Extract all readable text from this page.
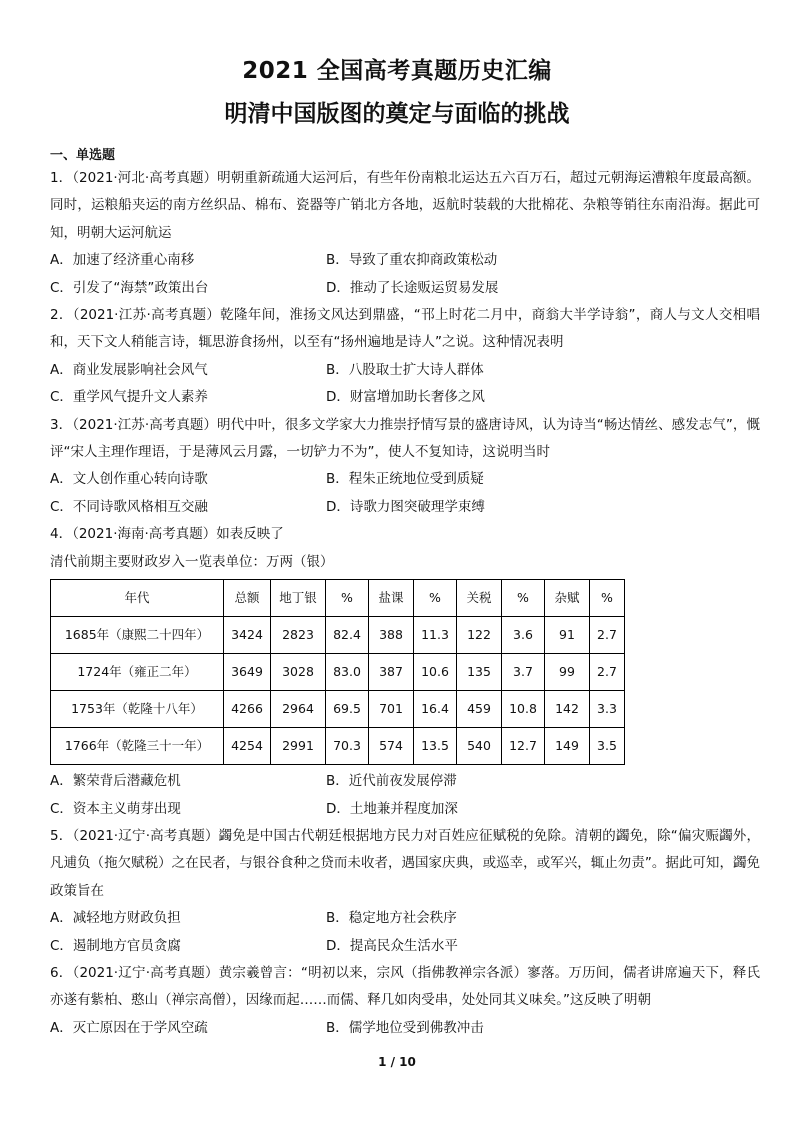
2021 全国高考真题历史汇编
明清中国版图的奠定与面临的挑战
一、单选题

1．（2021·河北·高考真题）明朝重新疏通大运河后，有些年份南粮北运达五六百万石，超过元朝海运漕粮年度最高额。同时，运粮船夹运的南方丝织品、棉布、瓷器等广销北方各地，返航时装载的大批棉花、杂粮等销往东南沿海。据此可知，明朝大运河航运

A．加速了经济重心南移	B．导致了重农抑商政策松动
C．引发了“海禁”政策出台	D．推动了长途贩运贸易发展

2．（2021·江苏·高考真题）乾隆年间，淮扬文风达到鼎盛，“邗上时花二月中，商翁大半学诗翁”，商人与文人交相唱和，天下文人稍能言诗，辄思游食扬州，以至有“扬州遍地是诗人”之说。这种情况表明

A．商业发展影响社会风气	B．八股取士扩大诗人群体
C．重学风气提升文人素养	D．财富增加助长奢侈之风

3．（2021·江苏·高考真题）明代中叶，很多文学家大力推崇抒情写景的盛唐诗风，认为诗当“畅达情丝、感发志气”，慨评“宋人主理作理语，于是薄风云月露，一切铲力不为”，使人不复知诗，这说明当时

A．文人创作重心转向诗歌	B．程朱正统地位受到质疑
C．不同诗歌风格相互交融	D．诗歌力图突破理学束缚

4．（2021·海南·高考真题）如表反映了

清代前期主要财政岁入一览表单位：万两（银）

年代	总额	地丁银	%	盐课	%	关税	%	杂赋	%
1685年（康熙二十四年）	3424	2823	82.4	388	11.3	122	3.6	91	2.7
1724年（雍正二年）	3649	3028	83.0	387	10.6	135	3.7	99	2.7
1753年（乾隆十八年）	4266	2964	69.5	701	16.4	459	10.8	142	3.3
1766年（乾隆三十一年）	4254	2991	70.3	574	13.5	540	12.7	149	3.5
A．繁荣背后潜藏危机	B．近代前夜发展停滞
C．资本主义萌芽出现	D．土地兼并程度加深

5．（2021·辽宁·高考真题）蠲免是中国古代朝廷根据地方民力对百姓应征赋税的免除。清朝的蠲免，除“偏灾赈蠲外，凡逋负（拖欠赋税）之在民者，与银谷食种之贷而未收者，遇国家庆典，或巡幸，或军兴，辄止勿责”。据此可知，蠲免政策旨在

A．减轻地方财政负担	B．稳定地方社会秩序
C．遏制地方官员贪腐	D．提高民众生活水平

6．（2021·辽宁·高考真题）黄宗羲曾言：“明初以来，宗风（指佛教禅宗各派）寥落。万历间，儒者讲席遍天下，释氏亦遂有紫柏、憨山（禅宗高僧），因缘而起……而儒、释几如肉受串，处处同其义味矣。”这反映了明朝

A．灭亡原因在于学风空疏	B．儒学地位受到佛教冲击
1 / 10
